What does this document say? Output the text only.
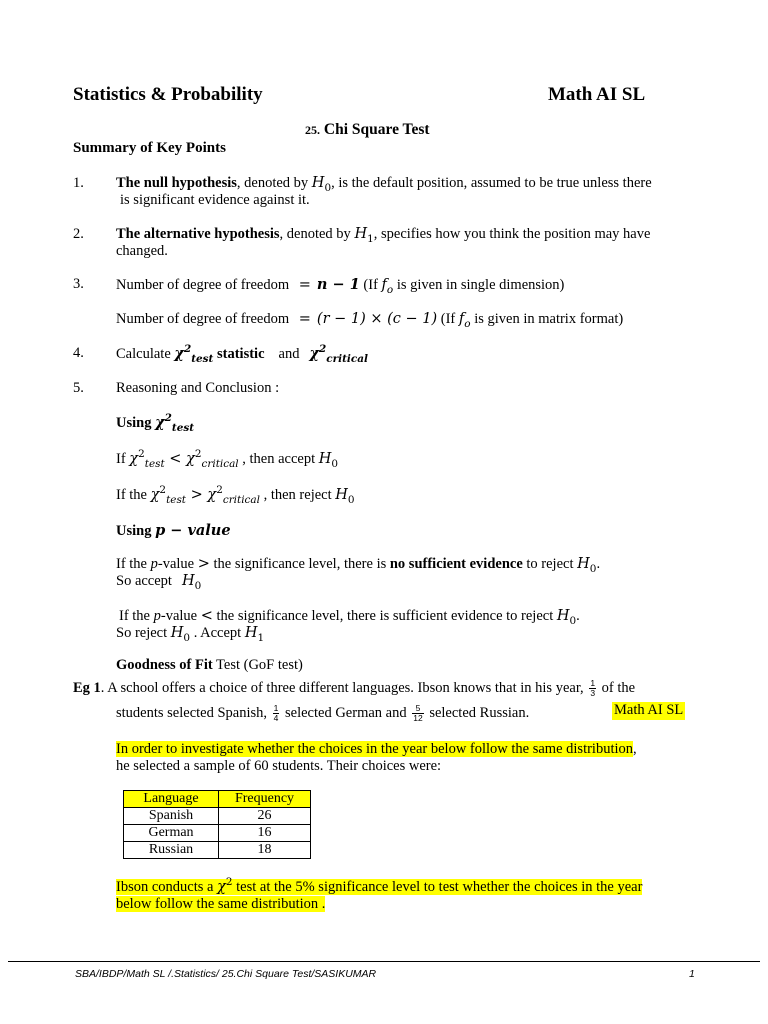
Statistics & Probability	Math AI SL
25. Chi Square Test
Summary of Key Points
1. The null hypothesis, denoted by $H_0$, is the default position, assumed to be true unless there
is significant evidence against it.
2. The alternative hypothesis, denoted by $H_1$, specifies how you think the position may have
changed.
3. Number of degree of freedom = n − 1 (If $f_o$ is given in single dimension)
Number of degree of freedom = (r − 1) × (c − 1) (If $f_o$ is given in matrix format)
4. Calculate $\chi^2_{test}$ statistic and $\chi^2_{critical}$
5. Reasoning and Conclusion :
Using $\chi^2_{test}$
If $\chi^2_{test} < \chi^2_{critical}$ , then accept $H_0$
If the $\chi^2_{test} > \chi^2_{critical}$ , then reject $H_0$
Using p − value
If the p-value > the significance level, there is no sufficient evidence to reject $H_0$.
So accept $H_0$
If the p-value < the significance level, there is sufficient evidence to reject $H_0$.
So reject $H_0$ . Accept $H_1$
Goodness of Fit Test (GoF test)
Eg 1. A school offers a choice of three different languages. Ibson knows that in his year, $\frac{1}{3}$ of the
students selected Spanish, $\frac{1}{4}$ selected German and $\frac{5}{12}$ selected Russian.	Math AI SL
In order to investigate whether the choices in the year below follow the same distribution,
he selected a sample of 60 students. Their choices were:
Language	Frequency
Spanish	26
German	16
Russian	18
Ibson conducts a $\chi^2$ test at the 5% significance level to test whether the choices in the year
below follow the same distribution .
SBA/IBDP/Math SL /.Statistics/ 25.Chi Square Test/SASIKUMAR	1
